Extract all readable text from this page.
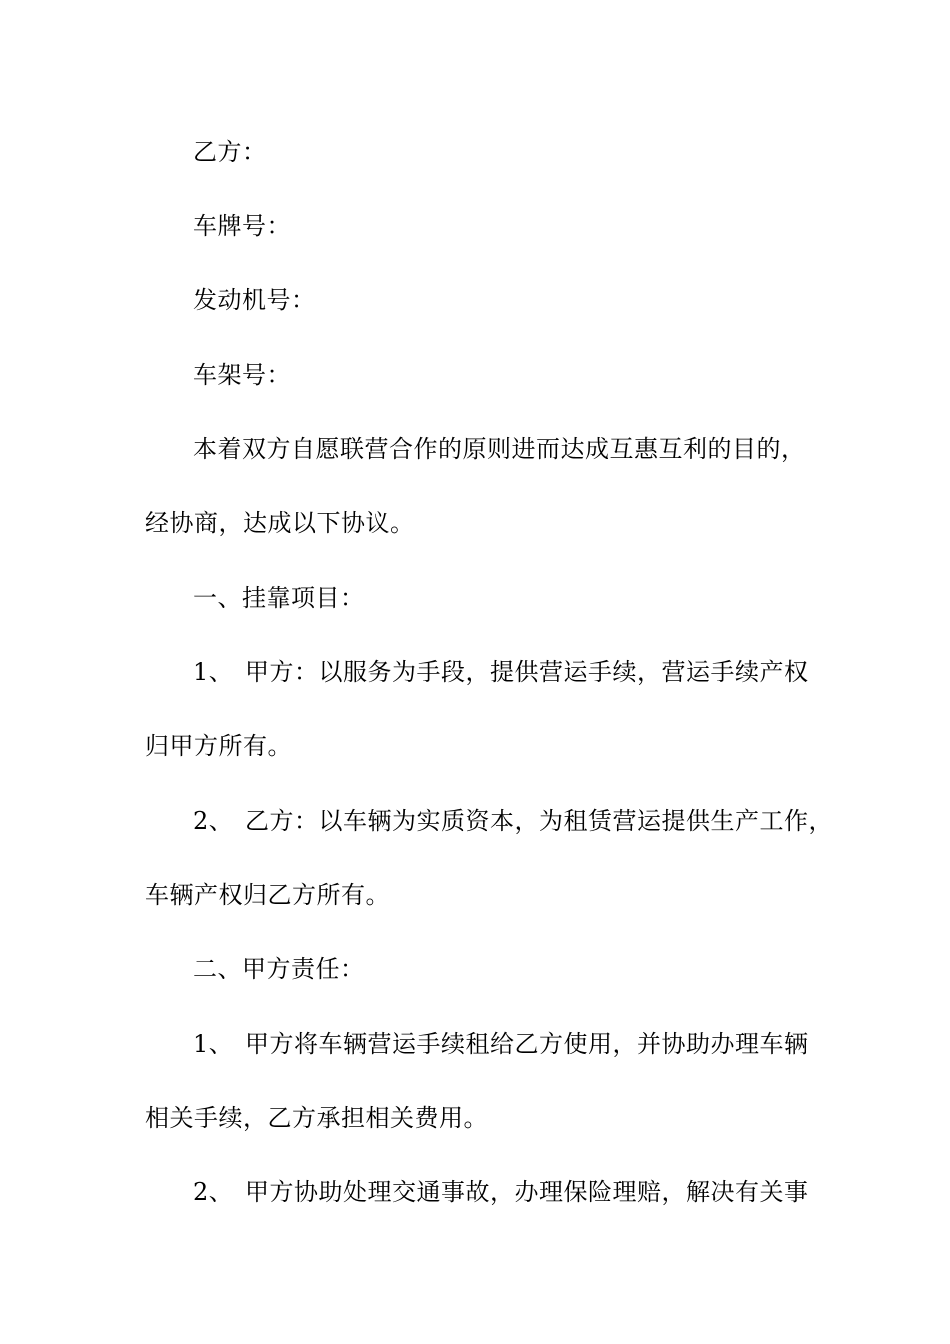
乙方：
车牌号：
发动机号：
车架号：
本着双方自愿联营合作的原则进而达成互惠互利的目的，
经协商，达成以下协议。
一、挂靠项目：
1、 甲方：以服务为手段，提供营运手续，营运手续产权
归甲方所有。
2、 乙方：以车辆为实质资本，为租赁营运提供生产工作，
车辆产权归乙方所有。
二、甲方责任：
1、 甲方将车辆营运手续租给乙方使用，并协助办理车辆
相关手续，乙方承担相关费用。
2、 甲方协助处理交通事故，办理保险理赔，解决有关事
